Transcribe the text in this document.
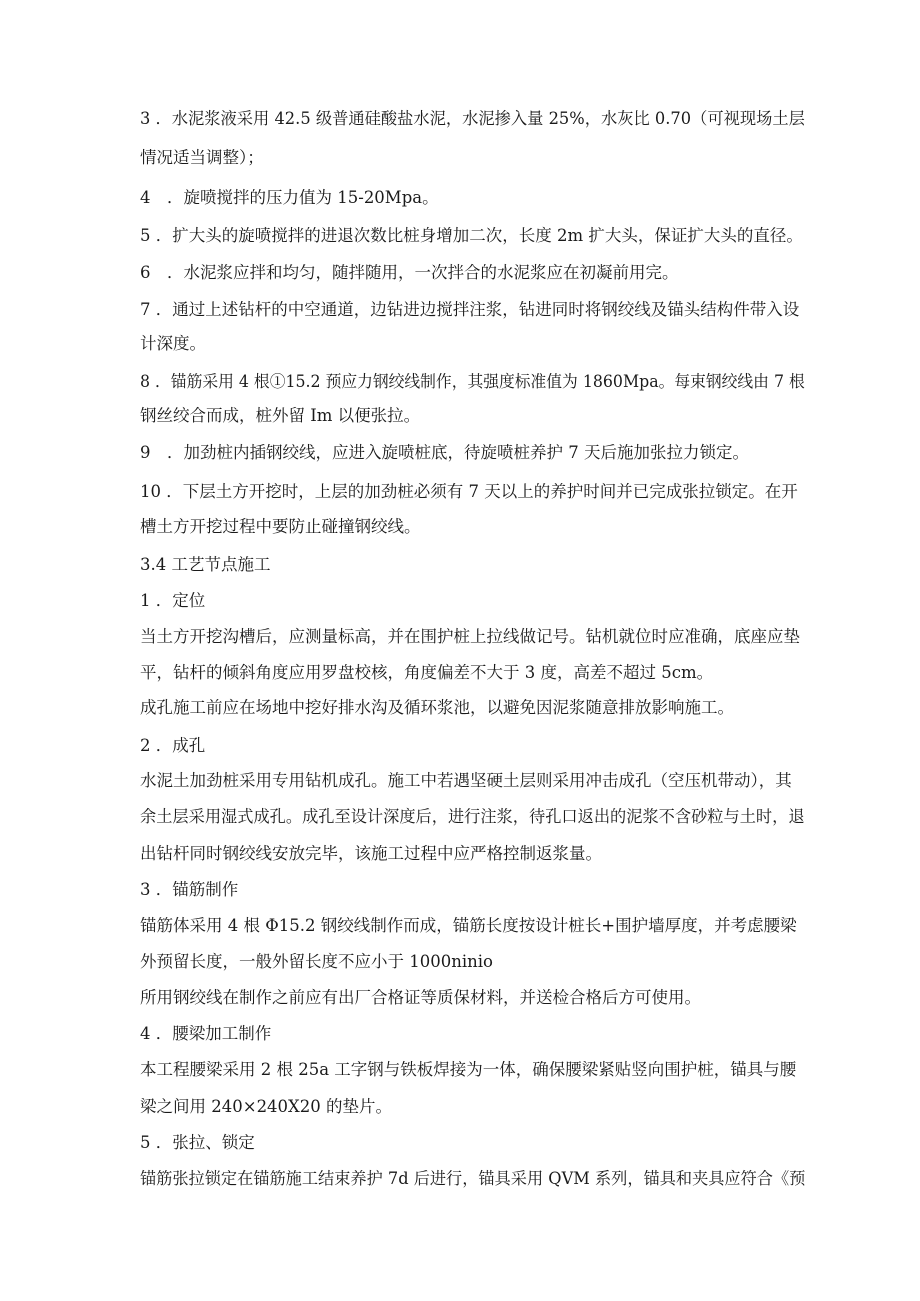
3 ．水泥浆液采用 42.5 级普通硅酸盐水泥，水泥掺入量 25%，水灰比 0.70（可视现场土层
情况适当调整）；
4　．旋喷搅拌的压力值为 15-20Mpa。
5 ．扩大头的旋喷搅拌的进退次数比桩身增加二次，长度 2m 扩大头，保证扩大头的直径。
6　．水泥浆应拌和均匀，随拌随用，一次拌合的水泥浆应在初凝前用完。
7 ．通过上述钻杆的中空通道，边钻进边搅拌注浆，钻进同时将钢绞线及锚头结构件带入设
计深度。
8 ．锚筋采用 4 根①15.2 预应力钢绞线制作，其强度标准值为 1860Mpa。每束钢绞线由 7 根
钢丝绞合而成，桩外留 Im 以便张拉。
9　．加劲桩内插钢绞线，应进入旋喷桩底，待旋喷桩养护 7 天后施加张拉力锁定。
10 ．下层土方开挖时，上层的加劲桩必须有 7 天以上的养护时间并已完成张拉锁定。在开
槽土方开挖过程中要防止碰撞钢绞线。
3.4 工艺节点施工
1 ．定位
当土方开挖沟槽后，应测量标高，并在围护桩上拉线做记号。钻机就位时应准确，底座应垫
平，钻杆的倾斜角度应用罗盘校核，角度偏差不大于 3 度，高差不超过 5cm。
成孔施工前应在场地中挖好排水沟及循环浆池，以避免因泥浆随意排放影响施工。
2 ．成孔
水泥土加劲桩采用专用钻机成孔。施工中若遇坚硬土层则采用冲击成孔（空压机带动），其
余土层采用湿式成孔。成孔至设计深度后，进行注浆，待孔口返出的泥浆不含砂粒与土时，退
出钻杆同时钢绞线安放完毕，该施工过程中应严格控制返浆量。
3 ．锚筋制作
锚筋体采用 4 根 Φ15.2 钢绞线制作而成，锚筋长度按设计桩长+围护墙厚度，并考虑腰梁
外预留长度，一般外留长度不应小于 1000ninio
所用钢绞线在制作之前应有出厂合格证等质保材料，并送检合格后方可使用。
4 ．腰梁加工制作
本工程腰梁采用 2 根 25a 工字钢与铁板焊接为一体，确保腰梁紧贴竖向围护桩，锚具与腰
梁之间用 240×240X20 的垫片。
5 ．张拉、锁定
锚筋张拉锁定在锚筋施工结束养护 7d 后进行，锚具采用 QVM 系列，锚具和夹具应符合《预
